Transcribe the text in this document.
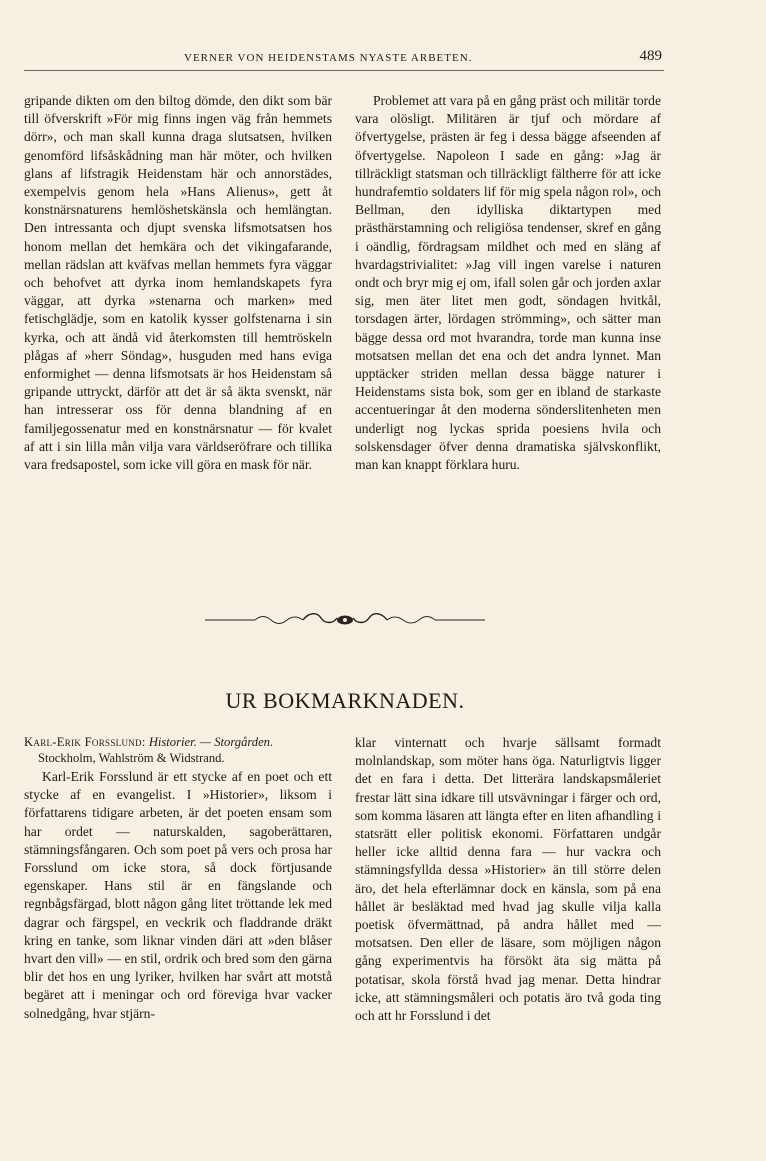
VERNER VON HEIDENSTAMS NYASTE ARBETEN.	489

gripande dikten om den biltog dömde, den dikt som bär till öfverskrift »För mig finns ingen väg från hemmets dörr», och man skall kunna draga slutsatsen, hvilken genomförd lifsåskådning man här möter, och hvilken glans af lifstragik Heidenstam här och annorstädes, exempelvis genom hela »Hans Alienus», gett åt konstnärsnaturens hemlöshetskänsla och hemlängtan. Den intressanta och djupt svenska lifsmotsatsen hos honom mellan det hemkära och det vikingafarande, mellan rädslan att kväfvas mellan hemmets fyra väggar och behofvet att dyrka inom hemlandskapets fyra väggar, att dyrka »stenarna och marken» med fetischglädje, som en katolik kysser golfstenarna i sin kyrka, och att ändå vid återkomsten till hemtröskeln plågas af »herr Söndag», husguden med hans eviga enformighet — denna lifsmotsats är hos Heidenstam så gripande uttryckt, därför att det är så äkta svenskt, när han intresserar oss för denna blandning af en familjegossenatur med en konstnärsnatur — för kvalet af att i sin lilla mån vilja vara världseröfrare och tillika vara fredsapostel, som icke vill göra en mask för när.

Problemet att vara på en gång präst och militär torde vara olösligt. Militären är tjuf och mördare af öfvertygelse, prästen är feg i dessa bägge afseenden af öfvertygelse. Napoleon I sade en gång: »Jag är tillräckligt statsman och tillräckligt fältherre för att icke hundrafemtio soldaters lif för mig spela någon rol», och Bellman, den idylliska diktartypen med prästhärstamning och religiösa tendenser, skref en gång i oändlig, fördragsam mildhet och med en släng af hvardagstrivialitet: »Jag vill ingen varelse i naturen ondt och bryr mig ej om, ifall solen går och jorden axlar sig, men äter litet men godt, söndagen hvitkål, torsdagen ärter, lördagen strömming», och sätter man bägge dessa ord mot hvarandra, torde man kunna inse motsatsen mellan det ena och det andra lynnet. Man upptäcker striden mellan dessa bägge naturer i Heidenstams sista bok, som ger en ibland de starkaste accentueringar åt den moderna sönderslitenheten men underligt nog lyckas sprida poesiens hvila och solskensdager öfver denna dramatiska självskonflikt, man kan knappt förklara huru.

UR BOKMARKNADEN.
Karl-Erik Forsslund: Historier. — Storgården.
Stockholm, Wahlström & Widstrand.

Karl-Erik Forsslund är ett stycke af en poet och ett stycke af en evangelist. I »Historier», liksom i författarens tidigare arbeten, är det poeten ensam som har ordet — naturskalden, sagoberättaren, stämningsfångaren. Och som poet på vers och prosa har Forsslund om icke stora, så dock förtjusande egenskaper. Hans stil är en fängslande och regnbågsfärgad, blott någon gång litet tröttande lek med dagrar och färgspel, en veckrik och fladdrande dräkt kring en tanke, som liknar vinden däri att »den blåser hvart den vill» — en stil, ordrik och bred som den gärna blir det hos en ung lyriker, hvilken har svårt att motstå begäret att i meningar och ord föreviga hvar vacker solnedgång, hvar stjärn-

klar vinternatt och hvarje sällsamt formadt molnlandskap, som möter hans öga. Naturligtvis ligger det en fara i detta. Det litterära landskapsmåleriet frestar lätt sina idkare till utsvävningar i färger och ord, som komma läsaren att längta efter en liten afhandling i statsrätt eller politisk ekonomi. Författaren undgår heller icke alltid denna fara — hur vackra och stämningsfyllda dessa »Historier» än till större delen äro, det hela efterlämnar dock en känsla, som på ena hållet är besläktad med hvad jag skulle vilja kalla poetisk öfvermättnad, på andra hållet med — motsatsen. Den eller de läsare, som möjligen någon gång experimentvis ha försökt äta sig mätta på potatisar, skola förstå hvad jag menar. Detta hindrar icke, att stämningsmåleri och potatis äro två goda ting och att hr Forsslund i det
